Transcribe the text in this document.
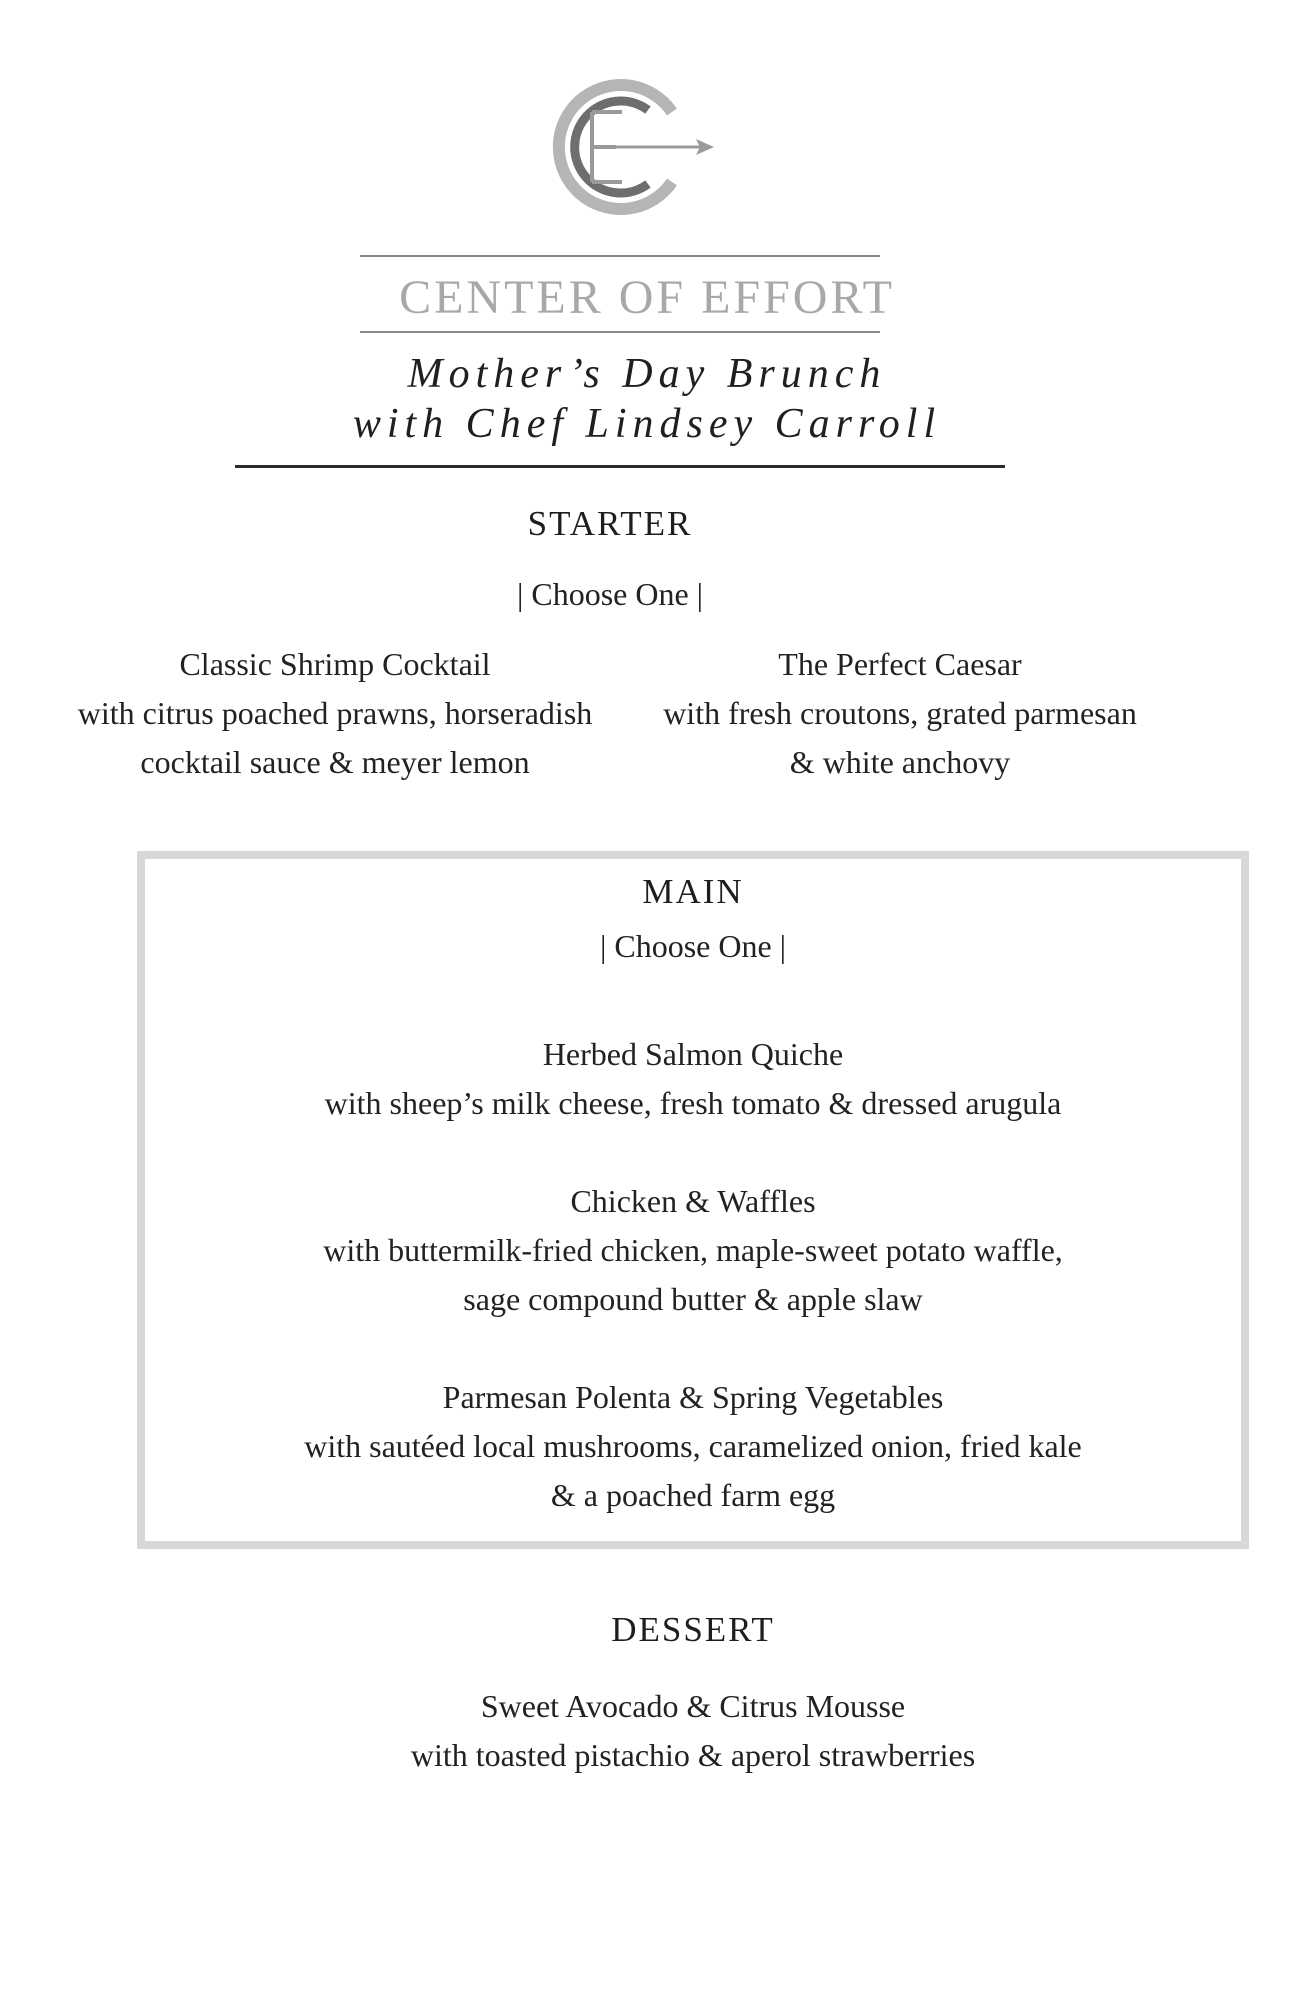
CENTER OF EFFORT
Mother’s Day Brunch
with Chef Lindsey Carroll
STARTER
| Choose One |
Classic Shrimp Cocktail
with citrus poached prawns, horseradish
cocktail sauce & meyer lemon
The Perfect Caesar
with fresh croutons, grated parmesan
& white anchovy
MAIN
| Choose One |
Herbed Salmon Quiche
with sheep’s milk cheese, fresh tomato & dressed arugula
Chicken & Waffles
with buttermilk-fried chicken, maple-sweet potato waffle,
sage compound butter & apple slaw
Parmesan Polenta & Spring Vegetables
with sautéed local mushrooms, caramelized onion, fried kale
& a poached farm egg
DESSERT
Sweet Avocado & Citrus Mousse
with toasted pistachio & aperol strawberries
